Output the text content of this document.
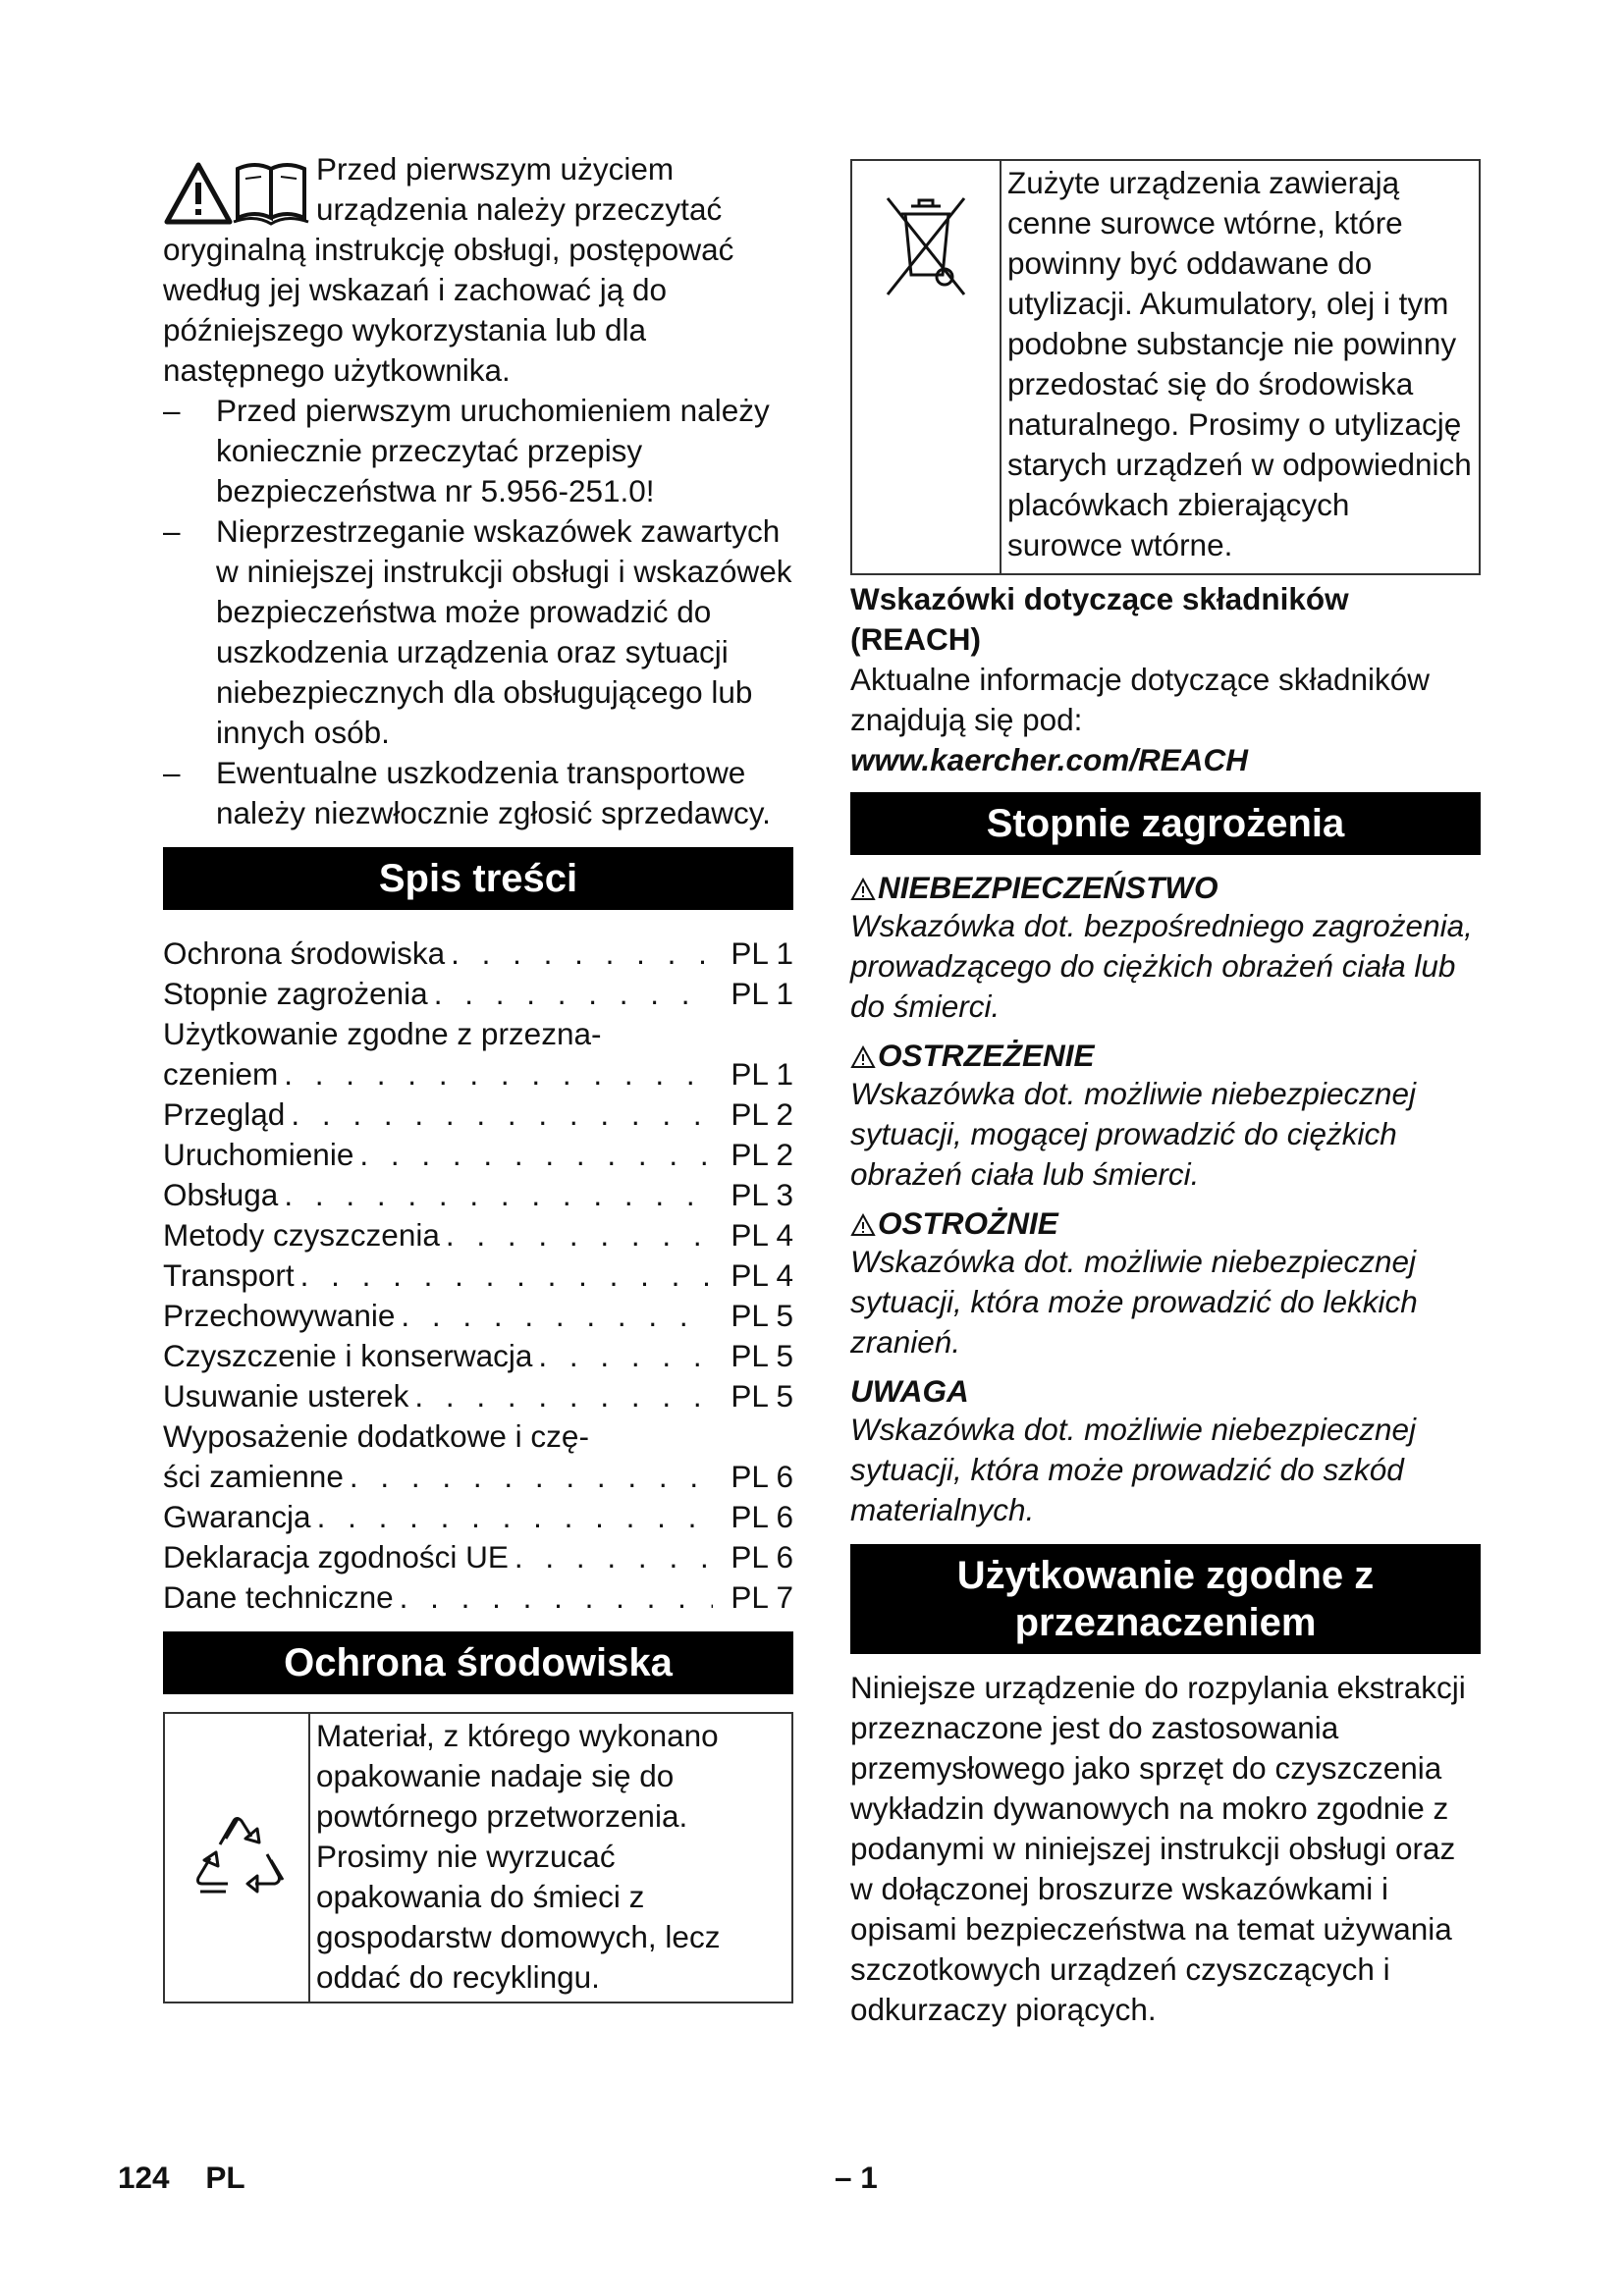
Przed pierwszym użyciem urządzenia należy przeczytać oryginalną instrukcję obsługi, postępować według jej wskazań i zachować ją do późniejszego wykorzystania lub dla następnego użytkownika.

– Przed pierwszym uruchomieniem należy koniecznie przeczytać przepisy bezpieczeństwa nr 5.956-251.0!
– Nieprzestrzeganie wskazówek zawartych w niniejszej instrukcji obsługi i wskazówek bezpieczeństwa może prowadzić do uszkodzenia urządzenia oraz sytuacji niebezpiecznych dla obsługującego lub innych osób.
– Ewentualne uszkodzenia transportowe należy niezwłocznie zgłosić sprzedawcy.
Spis treści
Ochrona środowiska . . .	PL 1
Stopnie zagrożenia . . .	PL 1
Użytkowanie zgodne z przezna-
czeniem . . .	PL 1
Przegląd . . .	PL 2
Uruchomienie . . .	PL 2
Obsługa . . .	PL 3
Metody czyszczenia . . .	PL 4
Transport . . .	PL 4
Przechowywanie . . .	PL 5
Czyszczenie i konserwacja . . .	PL 5
Usuwanie usterek . . .	PL 5
Wyposażenie dodatkowe i czę-
ści zamienne . . .	PL 6
Gwarancja . . .	PL 6
Deklaracja zgodności UE . . .	PL 6
Dane techniczne . . .	PL 7
Ochrona środowiska
Materiał, z którego wykonano opakowanie nadaje się do powtórnego przetworzenia. Prosimy nie wyrzucać opakowania do śmieci z gospodarstw domowych, lecz oddać do recyklingu.
Zużyte urządzenia zawierają cenne surowce wtórne, które powinny być oddawane do utylizacji. Akumulatory, olej i tym podobne substancje nie powinny przedostać się do środowiska naturalnego. Prosimy o utylizację starych urządzeń w odpowiednich placówkach zbierających surowce wtórne.

Wskazówki dotyczące składników (REACH)

Aktualne informacje dotyczące składników znajdują się pod:

www.kaercher.com/REACH

Stopnie zagrożenia

NIEBEZPIECZEŃSTWO

Wskazówka dot. bezpośredniego zagrożenia, prowadzącego do ciężkich obrażeń ciała lub do śmierci.

OSTRZEŻENIE

Wskazówka dot. możliwie niebezpiecznej sytuacji, mogącej prowadzić do ciężkich obrażeń ciała lub śmierci.

OSTROŻNIE

Wskazówka dot. możliwie niebezpiecznej sytuacji, która może prowadzić do lekkich zranień.

UWAGA

Wskazówka dot. możliwie niebezpiecznej sytuacji, która może prowadzić do szkód materialnych.

Użytkowanie zgodne z
przeznaczeniem

Niniejsze urządzenie do rozpylania ekstrakcji przeznaczone jest do zastosowania przemysłowego jako sprzęt do czyszczenia wykładzin dywanowych na mokro zgodnie z podanymi w niniejszej instrukcji obsługi oraz w dołączonej broszurze wskazówkami i opisami bezpieczeństwa na temat używania szczotkowych urządzeń czyszczących i odkurzaczy piorących.

124 PL	– 1
